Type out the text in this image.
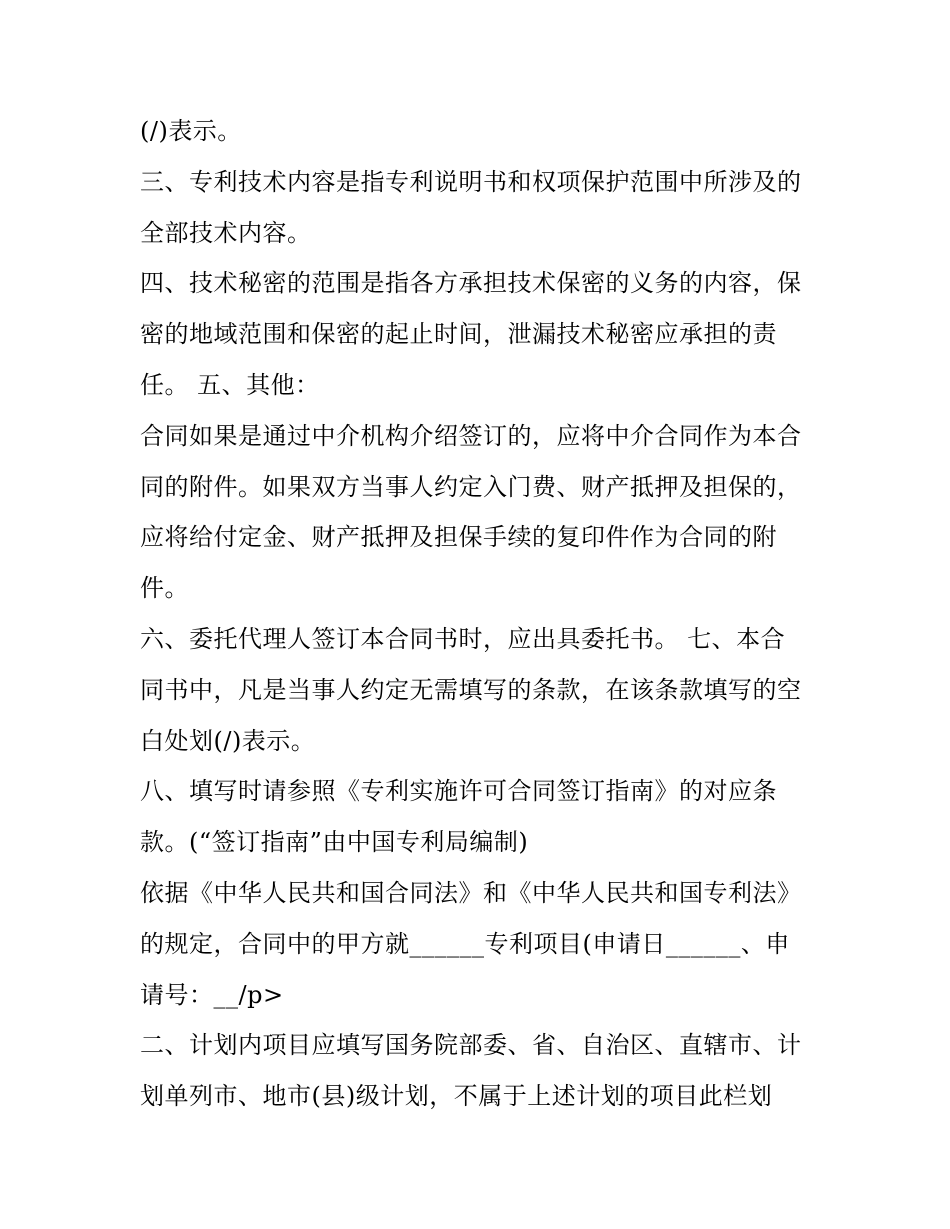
(/)表示。
三、专利技术内容是指专利说明书和权项保护范围中所涉及的
全部技术内容。
四、技术秘密的范围是指各方承担技术保密的义务的内容，保
密的地域范围和保密的起止时间，泄漏技术秘密应承担的责
任。 五、其他：
合同如果是通过中介机构介绍签订的，应将中介合同作为本合
同的附件。如果双方当事人约定入门费、财产抵押及担保的，
应将给付定金、财产抵押及担保手续的复印件作为合同的附
件。
六、委托代理人签订本合同书时，应出具委托书。 七、本合
同书中，凡是当事人约定无需填写的条款，在该条款填写的空
白处划(/)表示。
八、填写时请参照《专利实施许可合同签订指南》的对应条
款。(“签订指南”由中国专利局编制)
依据《中华人民共和国合同法》和《中华人民共和国专利法》
的规定，合同中的甲方就______专利项目(申请日______、申
请号：__/p>
二、计划内项目应填写国务院部委、省、自治区、直辖市、计
划单列市、地市(县)级计划，不属于上述计划的项目此栏划
